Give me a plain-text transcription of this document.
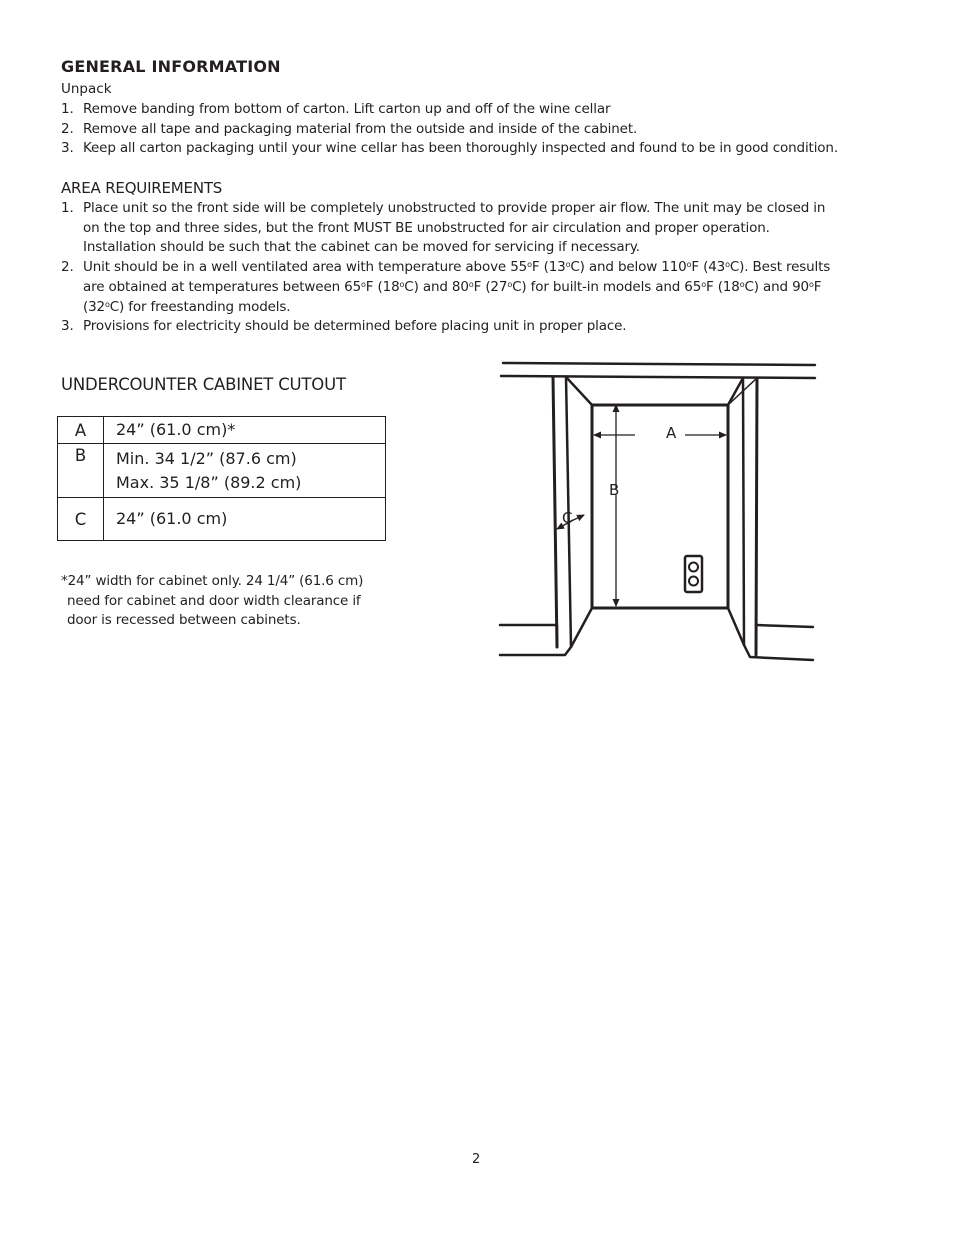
GENERAL INFORMATION
Unpack
1. Remove banding from bottom of carton. Lift carton up and off of the wine cellar
2. Remove all tape and packaging material from the outside and inside of the cabinet.
3. Keep all carton packaging until your wine cellar has been thoroughly inspected and found to be in good condition.
AREA REQUIREMENTS
1. Place unit so the front side will be completely unobstructed to provide proper air flow. The unit may be closed in
on the top and three sides, but the front MUST BE unobstructed for air circulation and proper operation.
Installation should be such that the cabinet can be moved for servicing if necessary.
2. Unit should be in a well ventilated area with temperature above 55$^o$F (13$^o$C) and below 110$^o$F (43$^o$C). Best results
are obtained at temperatures between 65$^o$F (18$^o$C) and 80$^o$F (27$^o$C) for built-in models and 65$^o$F (18$^o$C) and 90$^o$F
(32$^o$C) for freestanding models.
3. Provisions for electricity should be determined before placing unit in proper place.
UNDERCOUNTER CABINET CUTOUT
A	24” (61.0 cm)*

B	Min. 34 1/2” (87.6 cm)
Max. 35 1/8” (89.2 cm)

C	24” (61.0 cm)
*24” width for cabinet only. 24 1/4” (61.6 cm)
need for cabinet and door width clearance if
door is recessed between cabinets.
A
B
C
2
